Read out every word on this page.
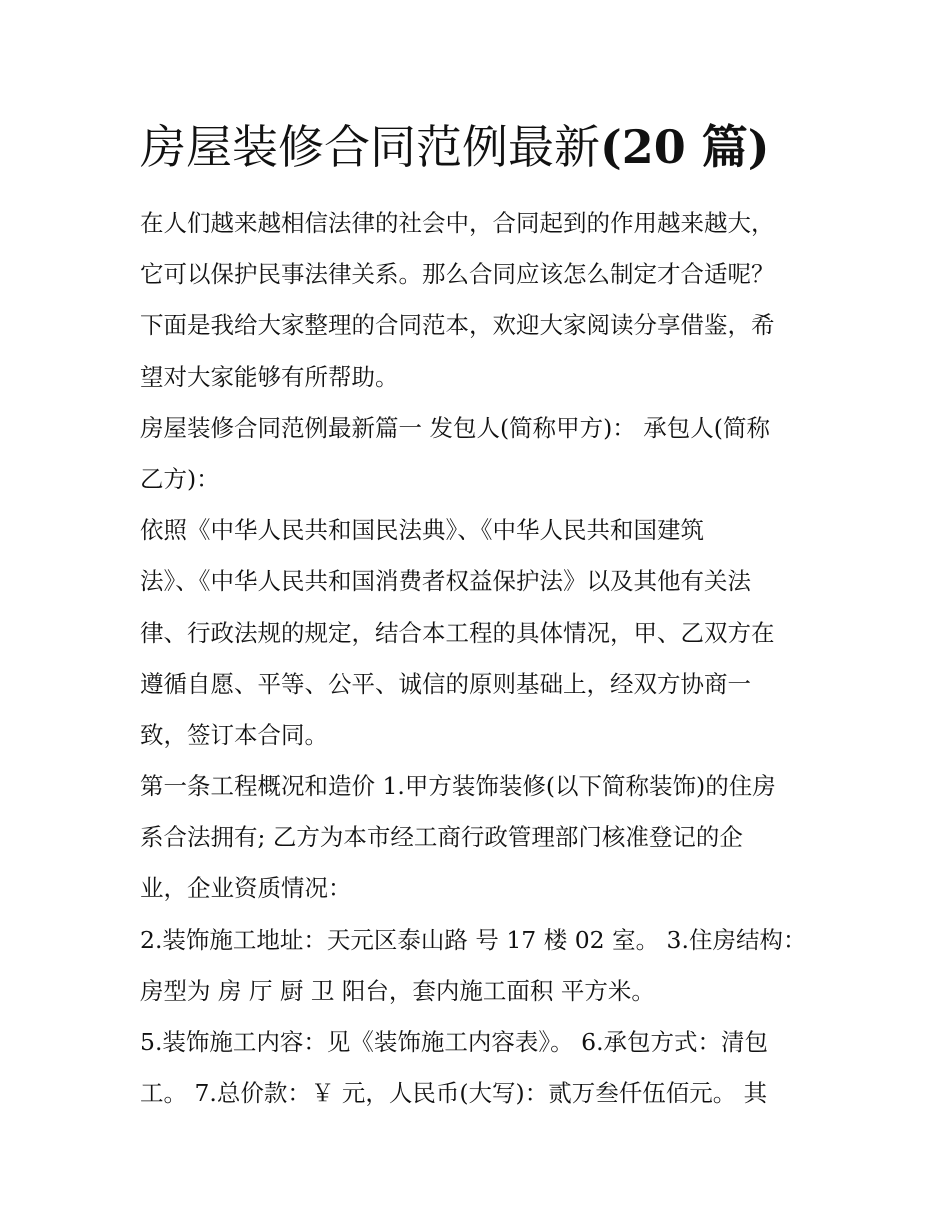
房屋装修合同范例最新(20 篇)
在人们越来越相信法律的社会中，合同起到的作用越来越大，
它可以保护民事法律关系。那么合同应该怎么制定才合适呢？
下面是我给大家整理的合同范本，欢迎大家阅读分享借鉴，希
望对大家能够有所帮助。
房屋装修合同范例最新篇一 发包人(简称甲方)： 承包人(简称
乙方)：
依照《中华人民共和国民法典》、《中华人民共和国建筑
法》、《中华人民共和国消费者权益保护法》以及其他有关法
律、行政法规的规定，结合本工程的具体情况，甲、乙双方在
遵循自愿、平等、公平、诚信的原则基础上，经双方协商一
致，签订本合同。
第一条工程概况和造价 1.甲方装饰装修(以下简称装饰)的住房
系合法拥有; 乙方为本市经工商行政管理部门核准登记的企
业，企业资质情况：
2.装饰施工地址：天元区泰山路 号 17 楼 02 室。 3.住房结构：
房型为 房 厅 厨 卫 阳台，套内施工面积 平方米。
5.装饰施工内容：见《装饰施工内容表》。 6.承包方式：清包
工。 7.总价款：￥ 元，人民币(大写)：贰万叁仟伍佰元。 其
